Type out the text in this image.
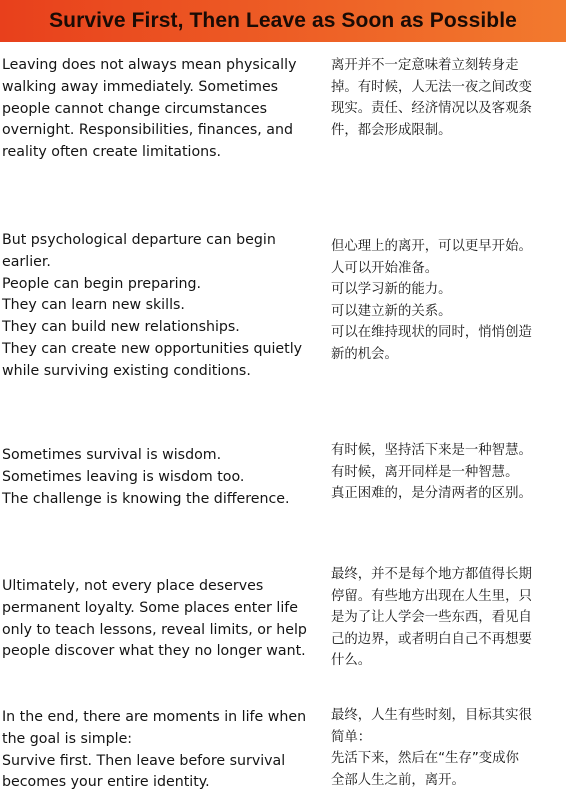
Survive First, Then Leave as Soon as Possible

Leaving does not always mean physically
walking away immediately. Sometimes
people cannot change circumstances
overnight. Responsibilities, finances, and
reality often create limitations.

离开并不一定意味着立刻转身走
掉。有时候，人无法一夜之间改变
现实。责任、经济情况以及客观条
件，都会形成限制。

But psychological departure can begin
earlier.
People can begin preparing.
They can learn new skills.
They can build new relationships.
They can create new opportunities quietly
while surviving existing conditions.

但心理上的离开，可以更早开始。
人可以开始准备。
可以学习新的能力。
可以建立新的关系。
可以在维持现状的同时，悄悄创造
新的机会。

Sometimes survival is wisdom.
Sometimes leaving is wisdom too.
The challenge is knowing the difference.

有时候，坚持活下来是一种智慧。
有时候，离开同样是一种智慧。
真正困难的，是分清两者的区别。

Ultimately, not every place deserves
permanent loyalty. Some places enter life
only to teach lessons, reveal limits, or help
people discover what they no longer want.

最终，并不是每个地方都值得长期
停留。有些地方出现在人生里，只
是为了让人学会一些东西，看见自
己的边界，或者明白自己不再想要
什么。

In the end, there are moments in life when
the goal is simple:
Survive first. Then leave before survival
becomes your entire identity.

最终，人生有些时刻，目标其实很
简单：
先活下来，然后在“生存”变成你
全部人生之前，离开。
